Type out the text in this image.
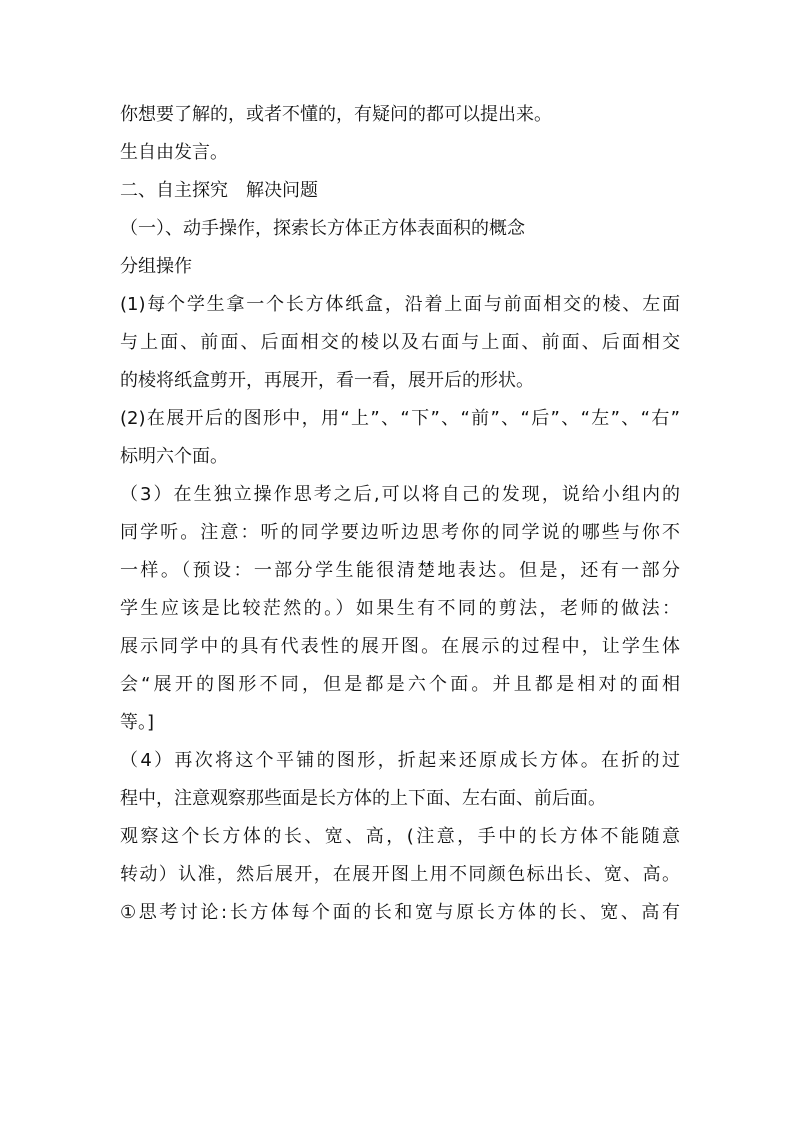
你想要了解的，或者不懂的，有疑问的都可以提出来。
生自由发言。
二、自主探究　解决问题
（一）、动手操作，探索长方体正方体表面积的概念
分组操作
(1)每个学生拿一个长方体纸盒，沿着上面与前面相交的棱、左面
与上面、前面、后面相交的棱以及右面与上面、前面、后面相交
的棱将纸盒剪开，再展开，看一看，展开后的形状。
(2)在展开后的图形中，用“上”、“下”、“前”、“后”、“左”、“右”
标明六个面。
（3）在生独立操作思考之后,可以将自己的发现，说给小组内的
同学听。注意：听的同学要边听边思考你的同学说的哪些与你不
一样。（预设：一部分学生能很清楚地表达。但是，还有一部分
学生应该是比较茫然的。）如果生有不同的剪法，老师的做法：
展示同学中的具有代表性的展开图。在展示的过程中，让学生体
会“展开的图形不同，但是都是六个面。并且都是相对的面相
等。]
（4）再次将这个平铺的图形，折起来还原成长方体。在折的过
程中，注意观察那些面是长方体的上下面、左右面、前后面。
观察这个长方体的长、宽、高，(注意，手中的长方体不能随意
转动）认准，然后展开，在展开图上用不同颜色标出长、宽、高。
①思考讨论:长方体每个面的长和宽与原长方体的长、宽、高有
